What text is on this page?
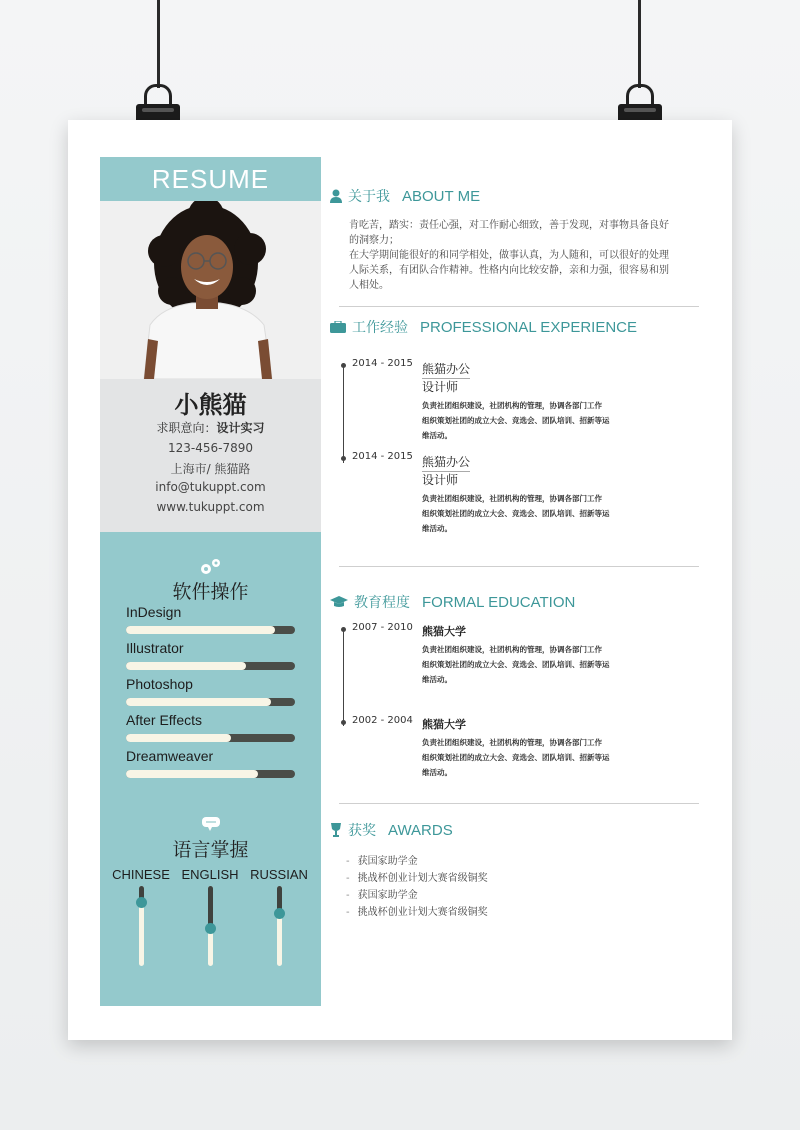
RESUME
小熊猫
求职意向：设计实习
123-456-7890
上海市/ 熊猫路
info@tukuppt.com
www.tukuppt.com
软件操作
InDesign
Illustrator
Photoshop
After Effects
Dreamweaver
语言掌握
CHINESE ENGLISH RUSSIAN
关于我 ABOUT ME
肯吃苦，踏实：责任心强，对工作耐心细致，善于发现，对事物具备良好的洞察力；
在大学期间能很好的和同学相处，做事认真，为人随和，可以很好的处理人际关系，有团队合作精神。性格内向比较安静，亲和力强，很容易和别人相处。
工作经验 PROFESSIONAL EXPERIENCE
2014 - 2015 熊猫办公
设计师
负责社团组织建设，社团机构的管理，协调各部门工作
组织策划社团的成立大会、竞选会、团队培训、招新等运
维活动。
2014 - 2015 熊猫办公
设计师
负责社团组织建设，社团机构的管理，协调各部门工作
组织策划社团的成立大会、竞选会、团队培训、招新等运
维活动。
教育程度 FORMAL EDUCATION
2007 - 2010 熊猫大学
负责社团组织建设，社团机构的管理，协调各部门工作
组织策划社团的成立大会、竞选会、团队培训、招新等运
维活动。
2002 - 2004 熊猫大学
负责社团组织建设，社团机构的管理，协调各部门工作
组织策划社团的成立大会、竞选会、团队培训、招新等运
维活动。
获奖 AWARDS
- 获国家助学金
- 挑战杯创业计划大赛省级铜奖
- 获国家助学金
- 挑战杯创业计划大赛省级铜奖
